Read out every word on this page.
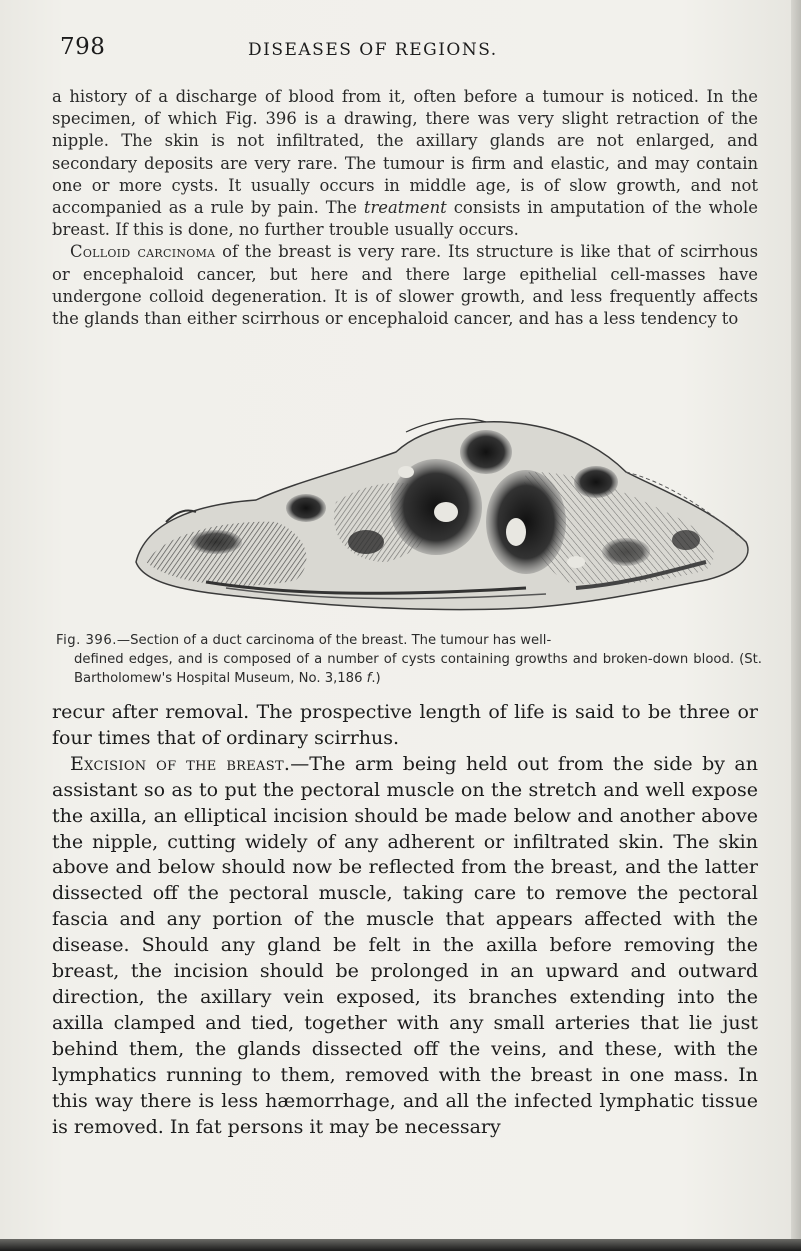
798	DISEASES OF REGIONS.

a history of a discharge of blood from it, often before a tumour is noticed. In the specimen, of which Fig. 396 is a drawing, there was very slight retraction of the nipple. The skin is not infiltrated, the axillary glands are not enlarged, and secondary deposits are very rare. The tumour is firm and elastic, and may contain one or more cysts. It usually occurs in middle age, is of slow growth, and not accompanied as a rule by pain. The treatment consists in amputation of the whole breast. If this is done, no further trouble usually occurs.

Colloid carcinoma of the breast is very rare. Its structure is like that of scirrhous or encephaloid cancer, but here and there large epithelial cell-masses have undergone colloid degeneration. It is of slower growth, and less frequently affects the glands than either scirrhous or encephaloid cancer, and has a less tendency to

Fig. 396.—Section of a duct carcinoma of the breast. The tumour has well-
defined edges, and is composed of a number of cysts containing growths and broken-down blood. (St. Bartholomew's Hospital Museum, No. 3,186 f.)

recur after removal. The prospective length of life is said to be three or four times that of ordinary scirrhus.

Excision of the breast.—The arm being held out from the side by an assistant so as to put the pectoral muscle on the stretch and well expose the axilla, an elliptical incision should be made below and another above the nipple, cutting widely of any adherent or infiltrated skin. The skin above and below should now be reflected from the breast, and the latter dissected off the pectoral muscle, taking care to remove the pectoral fascia and any portion of the muscle that appears affected with the disease. Should any gland be felt in the axilla before removing the breast, the incision should be prolonged in an upward and outward direction, the axillary vein exposed, its branches extending into the axilla clamped and tied, together with any small arteries that lie just behind them, the glands dissected off the veins, and these, with the lymphatics running to them, removed with the breast in one mass. In this way there is less hæmorrhage, and all the infected lymphatic tissue is removed. In fat persons it may be necessary
